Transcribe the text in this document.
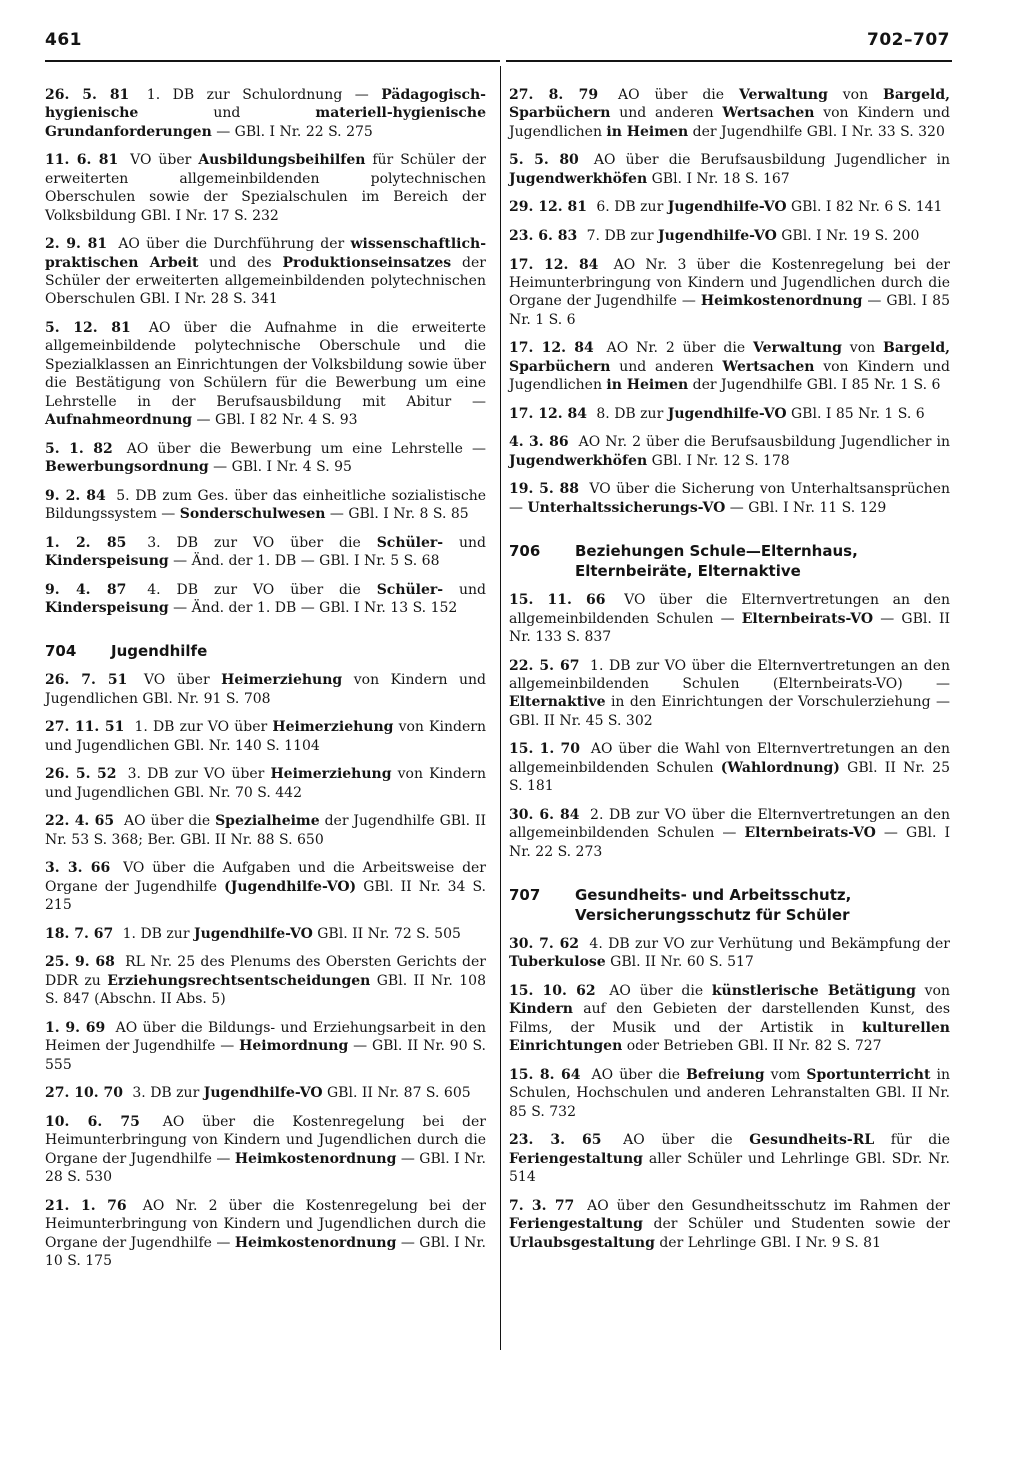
461	702–707

26. 5. 81 1. DB zur Schulordnung — Pädagogisch-hygienische und materiell-hygienische Grundanforderungen — GBl. I Nr. 22 S. 275

11. 6. 81 VO über Ausbildungsbeihilfen für Schüler der erweiterten allgemeinbildenden polytechnischen Oberschulen sowie der Spezialschulen im Bereich der Volksbildung GBl. I Nr. 17 S. 232

2. 9. 81 AO über die Durchführung der wissenschaftlich-praktischen Arbeit und des Produktionseinsatzes der Schüler der erweiterten allgemeinbildenden polytechnischen Oberschulen GBl. I Nr. 28 S. 341

5. 12. 81 AO über die Aufnahme in die erweiterte allgemeinbildende polytechnische Oberschule und die Spezialklassen an Einrichtungen der Volksbildung sowie über die Bestätigung von Schülern für die Bewerbung um eine Lehrstelle in der Berufsausbildung mit Abitur — Aufnahmeordnung — GBl. I 82 Nr. 4 S. 93

5. 1. 82 AO über die Bewerbung um eine Lehrstelle — Bewerbungsordnung — GBl. I Nr. 4 S. 95

9. 2. 84 5. DB zum Ges. über das einheitliche sozialistische Bildungssystem — Sonderschulwesen — GBl. I Nr. 8 S. 85

1. 2. 85 3. DB zur VO über die Schüler- und Kinderspeisung — Änd. der 1. DB — GBl. I Nr. 5 S. 68

9. 4. 87 4. DB zur VO über die Schüler- und Kinderspeisung — Änd. der 1. DB — GBl. I Nr. 13 S. 152

704	Jugendhilfe

26. 7. 51 VO über Heimerziehung von Kindern und Jugendlichen GBl. Nr. 91 S. 708

27. 11. 51 1. DB zur VO über Heimerziehung von Kindern und Jugendlichen GBl. Nr. 140 S. 1104

26. 5. 52 3. DB zur VO über Heimerziehung von Kindern und Jugendlichen GBl. Nr. 70 S. 442

22. 4. 65 AO über die Spezialheime der Jugendhilfe GBl. II Nr. 53 S. 368; Ber. GBl. II Nr. 88 S. 650

3. 3. 66 VO über die Aufgaben und die Arbeitsweise der Organe der Jugendhilfe (Jugendhilfe-VO) GBl. II Nr. 34 S. 215

18. 7. 67 1. DB zur Jugendhilfe-VO GBl. II Nr. 72 S. 505

25. 9. 68 RL Nr. 25 des Plenums des Obersten Gerichts der DDR zu Erziehungsrechtsentscheidungen GBl. II Nr. 108 S. 847 (Abschn. II Abs. 5)

1. 9. 69 AO über die Bildungs- und Erziehungsarbeit in den Heimen der Jugendhilfe — Heimordnung — GBl. II Nr. 90 S. 555

27. 10. 70 3. DB zur Jugendhilfe-VO GBl. II Nr. 87 S. 605

10. 6. 75 AO über die Kostenregelung bei der Heimunterbringung von Kindern und Jugendlichen durch die Organe der Jugendhilfe — Heimkostenordnung — GBl. I Nr. 28 S. 530

21. 1. 76 AO Nr. 2 über die Kostenregelung bei der Heimunterbringung von Kindern und Jugendlichen durch die Organe der Jugendhilfe — Heimkostenordnung — GBl. I Nr. 10 S. 175

27. 8. 79 AO über die Verwaltung von Bargeld, Sparbüchern und anderen Wertsachen von Kindern und Jugendlichen in Heimen der Jugendhilfe GBl. I Nr. 33 S. 320

5. 5. 80 AO über die Berufsausbildung Jugendlicher in Jugendwerkhöfen GBl. I Nr. 18 S. 167

29. 12. 81 6. DB zur Jugendhilfe-VO GBl. I 82 Nr. 6 S. 141

23. 6. 83 7. DB zur Jugendhilfe-VO GBl. I Nr. 19 S. 200

17. 12. 84 AO Nr. 3 über die Kostenregelung bei der Heimunterbringung von Kindern und Jugendlichen durch die Organe der Jugendhilfe — Heimkostenordnung — GBl. I 85 Nr. 1 S. 6

17. 12. 84 AO Nr. 2 über die Verwaltung von Bargeld, Sparbüchern und anderen Wertsachen von Kindern und Jugendlichen in Heimen der Jugendhilfe GBl. I 85 Nr. 1 S. 6

17. 12. 84 8. DB zur Jugendhilfe-VO GBl. I 85 Nr. 1 S. 6

4. 3. 86 AO Nr. 2 über die Berufsausbildung Jugendlicher in Jugendwerkhöfen GBl. I Nr. 12 S. 178

19. 5. 88 VO über die Sicherung von Unterhaltsansprüchen — Unterhaltssicherungs-VO — GBl. I Nr. 11 S. 129

706	Beziehungen Schule—Elternhaus,
Elternbeiräte, Elternaktive

15. 11. 66 VO über die Elternvertretungen an den allgemeinbildenden Schulen — Elternbeirats-VO — GBl. II Nr. 133 S. 837

22. 5. 67 1. DB zur VO über die Elternvertretungen an den allgemeinbildenden Schulen (Elternbeirats-VO) — Elternaktive in den Einrichtungen der Vorschulerziehung — GBl. II Nr. 45 S. 302

15. 1. 70 AO über die Wahl von Elternvertretungen an den allgemeinbildenden Schulen (Wahlordnung) GBl. II Nr. 25 S. 181

30. 6. 84 2. DB zur VO über die Elternvertretungen an den allgemeinbildenden Schulen — Elternbeirats-VO — GBl. I Nr. 22 S. 273

707	Gesundheits- und Arbeitsschutz,
Versicherungsschutz für Schüler

30. 7. 62 4. DB zur VO zur Verhütung und Bekämpfung der Tuberkulose GBl. II Nr. 60 S. 517

15. 10. 62 AO über die künstlerische Betätigung von Kindern auf den Gebieten der darstellenden Kunst, des Films, der Musik und der Artistik in kulturellen Einrichtungen oder Betrieben GBl. II Nr. 82 S. 727

15. 8. 64 AO über die Befreiung vom Sportunterricht in Schulen, Hochschulen und anderen Lehranstalten GBl. II Nr. 85 S. 732

23. 3. 65 AO über die Gesundheits-RL für die Feriengestaltung aller Schüler und Lehrlinge GBl. SDr. Nr. 514

7. 3. 77 AO über den Gesundheitsschutz im Rahmen der Feriengestaltung der Schüler und Studenten sowie der Urlaubsgestaltung der Lehrlinge GBl. I Nr. 9 S. 81
